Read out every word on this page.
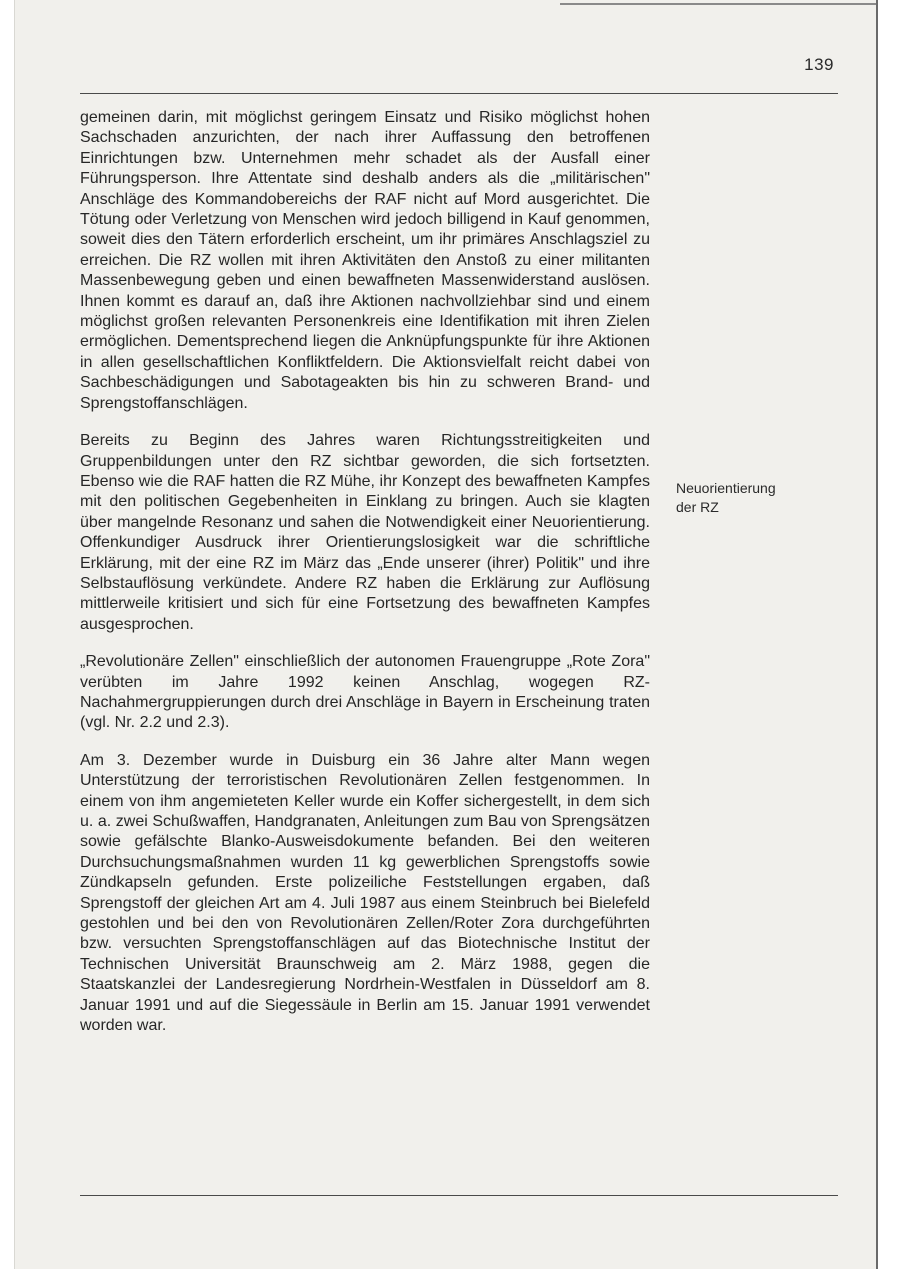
139

gemeinen darin, mit möglichst geringem Einsatz und Risiko möglichst hohen Sachschaden anzurichten, der nach ihrer Auffassung den betroffenen Einrichtungen bzw. Unternehmen mehr schadet als der Ausfall einer Führungsperson. Ihre Attentate sind deshalb anders als die „militärischen" Anschläge des Kommandobereichs der RAF nicht auf Mord ausgerichtet. Die Tötung oder Verletzung von Menschen wird jedoch billigend in Kauf genommen, soweit dies den Tätern erforderlich erscheint, um ihr primäres Anschlagsziel zu erreichen. Die RZ wollen mit ihren Aktivitäten den Anstoß zu einer militanten Massenbewegung geben und einen bewaffneten Massenwiderstand auslösen. Ihnen kommt es darauf an, daß ihre Aktionen nachvollziehbar sind und einem möglichst großen relevanten Personenkreis eine Identifikation mit ihren Zielen ermöglichen. Dementsprechend liegen die Anknüpfungspunkte für ihre Aktionen in allen gesellschaftlichen Konfliktfeldern. Die Aktionsvielfalt reicht dabei von Sachbeschädigungen und Sabotageakten bis hin zu schweren Brand- und Sprengstoffanschlägen.

Bereits zu Beginn des Jahres waren Richtungsstreitigkeiten und Gruppenbildungen unter den RZ sichtbar geworden, die sich fortsetzten. Ebenso wie die RAF hatten die RZ Mühe, ihr Konzept des bewaffneten Kampfes mit den politischen Gegebenheiten in Einklang zu bringen. Auch sie klagten über mangelnde Resonanz und sahen die Notwendigkeit einer Neuorientierung. Offenkundiger Ausdruck ihrer Orientierungslosigkeit war die schriftliche Erklärung, mit der eine RZ im März das „Ende unserer (ihrer) Politik" und ihre Selbstauflösung verkündete. Andere RZ haben die Erklärung zur Auflösung mittlerweile kritisiert und sich für eine Fortsetzung des bewaffneten Kampfes ausgesprochen.

„Revolutionäre Zellen" einschließlich der autonomen Frauengruppe „Rote Zora" verübten im Jahre 1992 keinen Anschlag, wogegen RZ-Nachahmergruppierungen durch drei Anschläge in Bayern in Erscheinung traten (vgl. Nr. 2.2 und 2.3).

Am 3. Dezember wurde in Duisburg ein 36 Jahre alter Mann wegen Unterstützung der terroristischen Revolutionären Zellen festgenommen. In einem von ihm angemieteten Keller wurde ein Koffer sichergestellt, in dem sich u. a. zwei Schußwaffen, Handgranaten, Anleitungen zum Bau von Sprengsätzen sowie gefälschte Blanko-Ausweisdokumente befanden. Bei den weiteren Durchsuchungsmaßnahmen wurden 11 kg gewerblichen Sprengstoffs sowie Zündkapseln gefunden. Erste polizeiliche Feststellungen ergaben, daß Sprengstoff der gleichen Art am 4. Juli 1987 aus einem Steinbruch bei Bielefeld gestohlen und bei den von Revolutionären Zellen/Roter Zora durchgeführten bzw. versuchten Sprengstoffanschlägen auf das Biotechnische Institut der Technischen Universität Braunschweig am 2. März 1988, gegen die Staatskanzlei der Landesregierung Nordrhein-Westfalen in Düsseldorf am 8. Januar 1991 und auf die Siegessäule in Berlin am 15. Januar 1991 verwendet worden war.

Neuorientierung
der RZ
